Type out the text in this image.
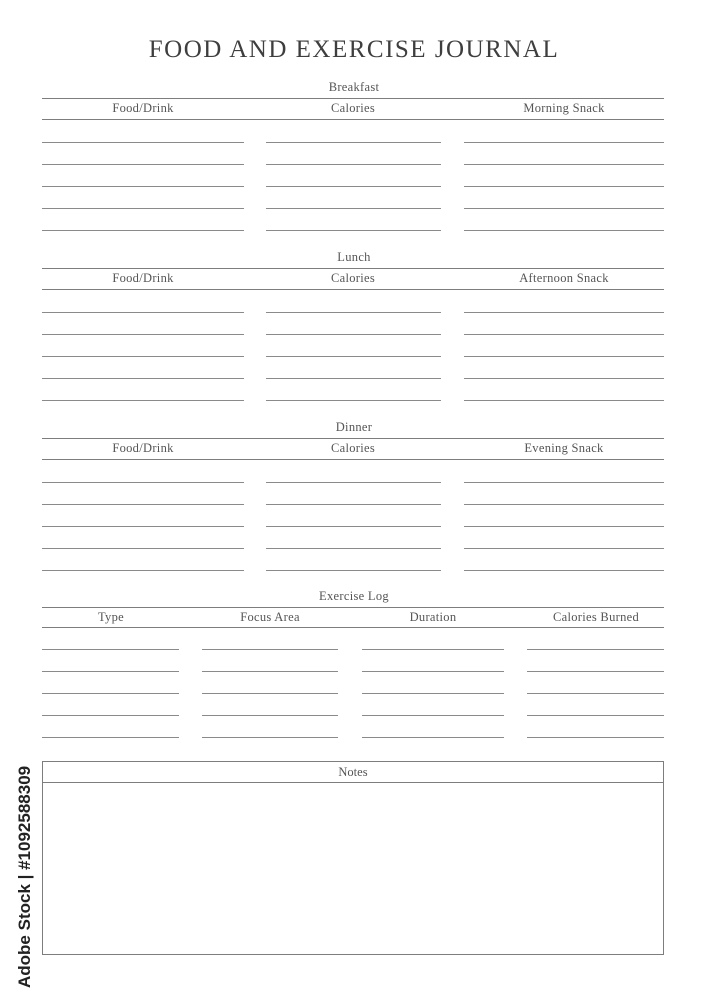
FOOD AND EXERCISE JOURNAL
Breakfast
Food/Drink	Calories	Morning Snack
Lunch
Food/Drink	Calories	Afternoon Snack
Dinner
Food/Drink	Calories	Evening Snack
Exercise Log
Type	Focus Area	Duration	Calories Burned
Notes
Adobe Stock | #1092588309
